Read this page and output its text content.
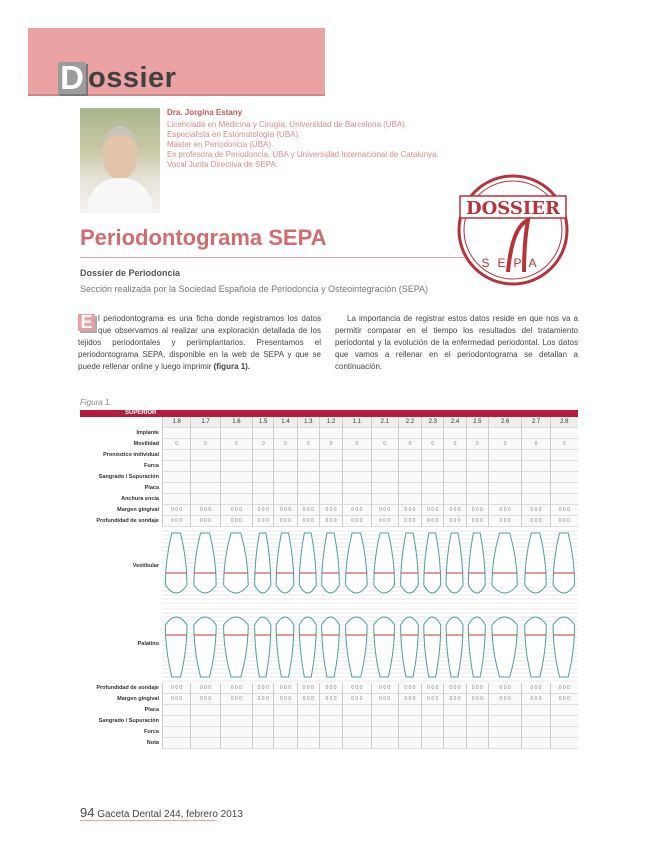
D ossier
Dra. Jorgina Estany
Licenciada en Medicina y Cirugía, Universidad de Barcelona (UBA).
Especialista en Estomatología (UBA).
Máster en Periodoncia (UBA).
Ex profesora de Periodoncia, UBA y Universidad Internacional de Catalunya.
Vocal Junta Directiva de SEPA.
DOSSIER
SEPA
Periodontograma SEPA
Dossier de Periodoncia
Sección realizada por la Sociedad Española de Periodoncia y Osteointegración (SEPA)
E l periodontograma es una ficha donde registramos los datos que observamos al realizar una exploración detallada de los tejidos periodontales y periimplantarios. Presentamos el periodontograma SEPA, disponible en la web de SEPA y que se puede rellenar online y luego imprimir (figura 1).
La importancia de registrar estos datos reside en que nos va a permitir comparar en el tiempo los resultados del tratamiento periodontal y la evolución de la enfermedad periodontal. Los datos que vamos a rellenar en el periodontograma se detallan a continuación.
Figura 1.
SUPERIOR
1.8	1.7	1.6	1.5	1.4	1.3	1.2	1.1	2.1	2.2	2.3	2.4	2.5	2.6	2.7	2.8
Implante
Movilidad	0	0	0	0	0	0	0	0	0	0	0	0	0	0	0	0
Pronóstico individual
Furca
Sangrado / Supuración
Placa
Anchura encía
Margen gingival	0 0 0	0 0 0	0 0 0	0 0 0	0 0 0	0 0 0	0 0 0	0 0 0	0 0 0	0 0 0	0 0 0	0 0 0	0 0 0	0 0 0	0 0 0	0 0 0
Profundidad de sondaje	0 0 0	0 0 0	0 0 0	0 0 0	0 0 0	0 0 0	0 0 0	0 0 0	0 0 0	0 0 0	0 0 0	0 0 0	0 0 0	0 0 0	0 0 0	0 0 0
Vestibular
Palatino
Profundidad de sondaje	0 0 0	0 0 0	0 0 0	0 0 0	0 0 0	0 0 0	0 0 0	0 0 0	0 0 0	0 0 0	0 0 0	0 0 0	0 0 0	0 0 0	0 0 0	0 0 0
Margen gingival	0 0 0	0 0 0	0 0 0	0 0 0	0 0 0	0 0 0	0 0 0	0 0 0	0 0 0	0 0 0	0 0 0	0 0 0	0 0 0	0 0 0	0 0 0	0 0 0
Placa
Sangrado / Supuración
Furca
Nota
94 Gaceta Dental 244, febrero 2013
